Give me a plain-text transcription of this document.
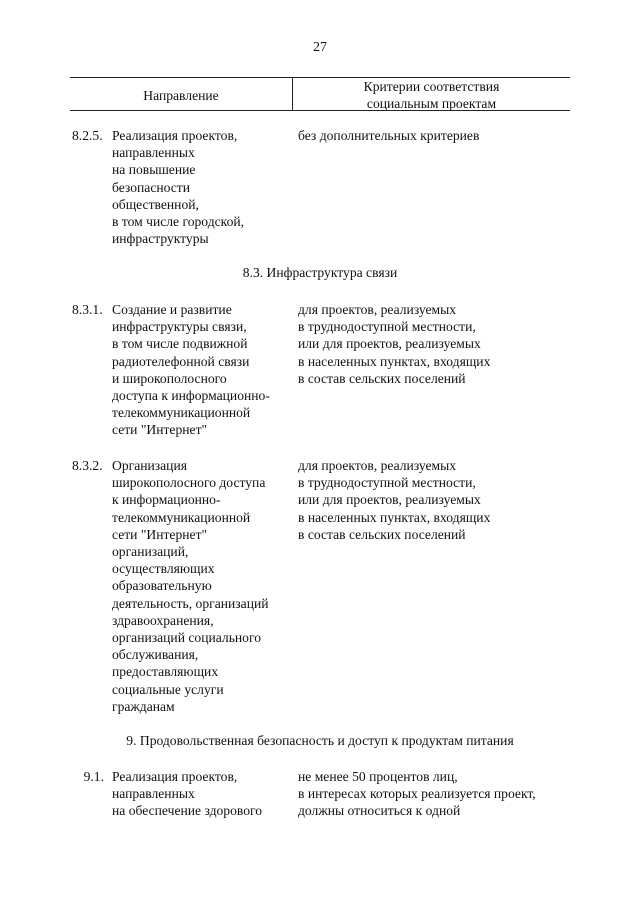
27
Направление
Критерии соответствия
социальным проектам
8.2.5. Реализация проектов,
направленных
на повышение
безопасности
общественной,
в том числе городской,
инфраструктуры
без дополнительных критериев
8.3. Инфраструктура связи
8.3.1. Создание и развитие
инфраструктуры связи,
в том числе подвижной
радиотелефонной связи
и широкополосного
доступа к информационно-
телекоммуникационной
сети "Интернет"
для проектов, реализуемых
в труднодоступной местности,
или для проектов, реализуемых
в населенных пунктах, входящих
в состав сельских поселений
8.3.2. Организация
широкополосного доступа
к информационно-
телекоммуникационной
сети "Интернет"
организаций,
осуществляющих
образовательную
деятельность, организаций
здравоохранения,
организаций социального
обслуживания,
предоставляющих
социальные услуги
гражданам
для проектов, реализуемых
в труднодоступной местности,
или для проектов, реализуемых
в населенных пунктах, входящих
в состав сельских поселений
9. Продовольственная безопасность и доступ к продуктам питания
9.1. Реализация проектов,
направленных
на обеспечение здорового
не менее 50 процентов лиц,
в интересах которых реализуется проект,
должны относиться к одной
